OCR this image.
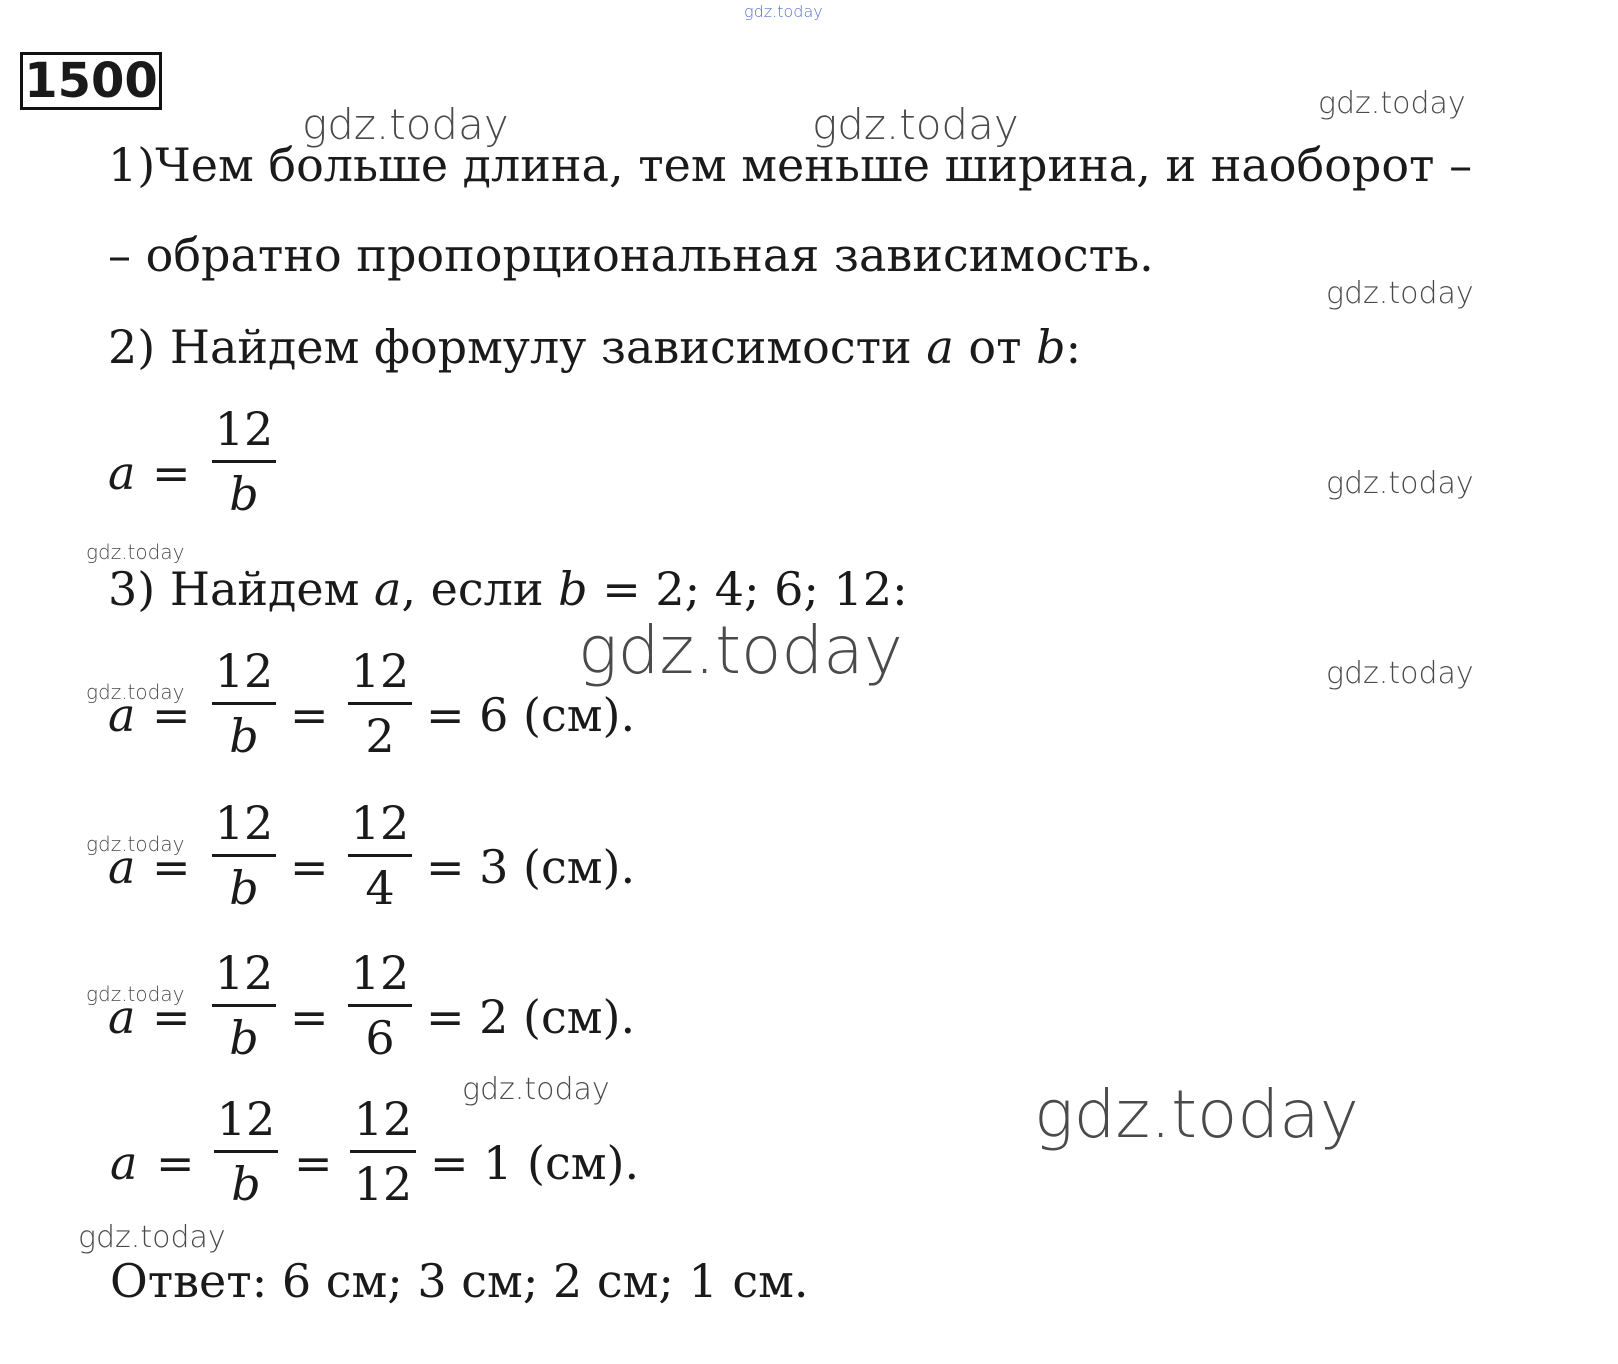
gdz.today
gdz.today	gdz.today	gdz.today
gdz.today
gdz.today
gdz.today
gdz.today	gdz.today
gdz.today
gdz.today
gdz.today
gdz.today	gdz.today
gdz.today
1500
1)Чем больше длина, тем меньше ширина, и наоборот –
– обратно пропорциональная зависимость.
2) Найдем формулу зависимости a от b:
a =
12
b
3) Найдем a, если b = 2; 4; 6; 12:
a =
12
b =
12
2 = 6 (см).
a =
12
b =
12
4 = 3 (см).
a =
12
b =
12
6 = 2 (см).
a =
12
b =
12
12 = 1 (см).
Ответ: 6 см; 3 см; 2 см; 1 см.
